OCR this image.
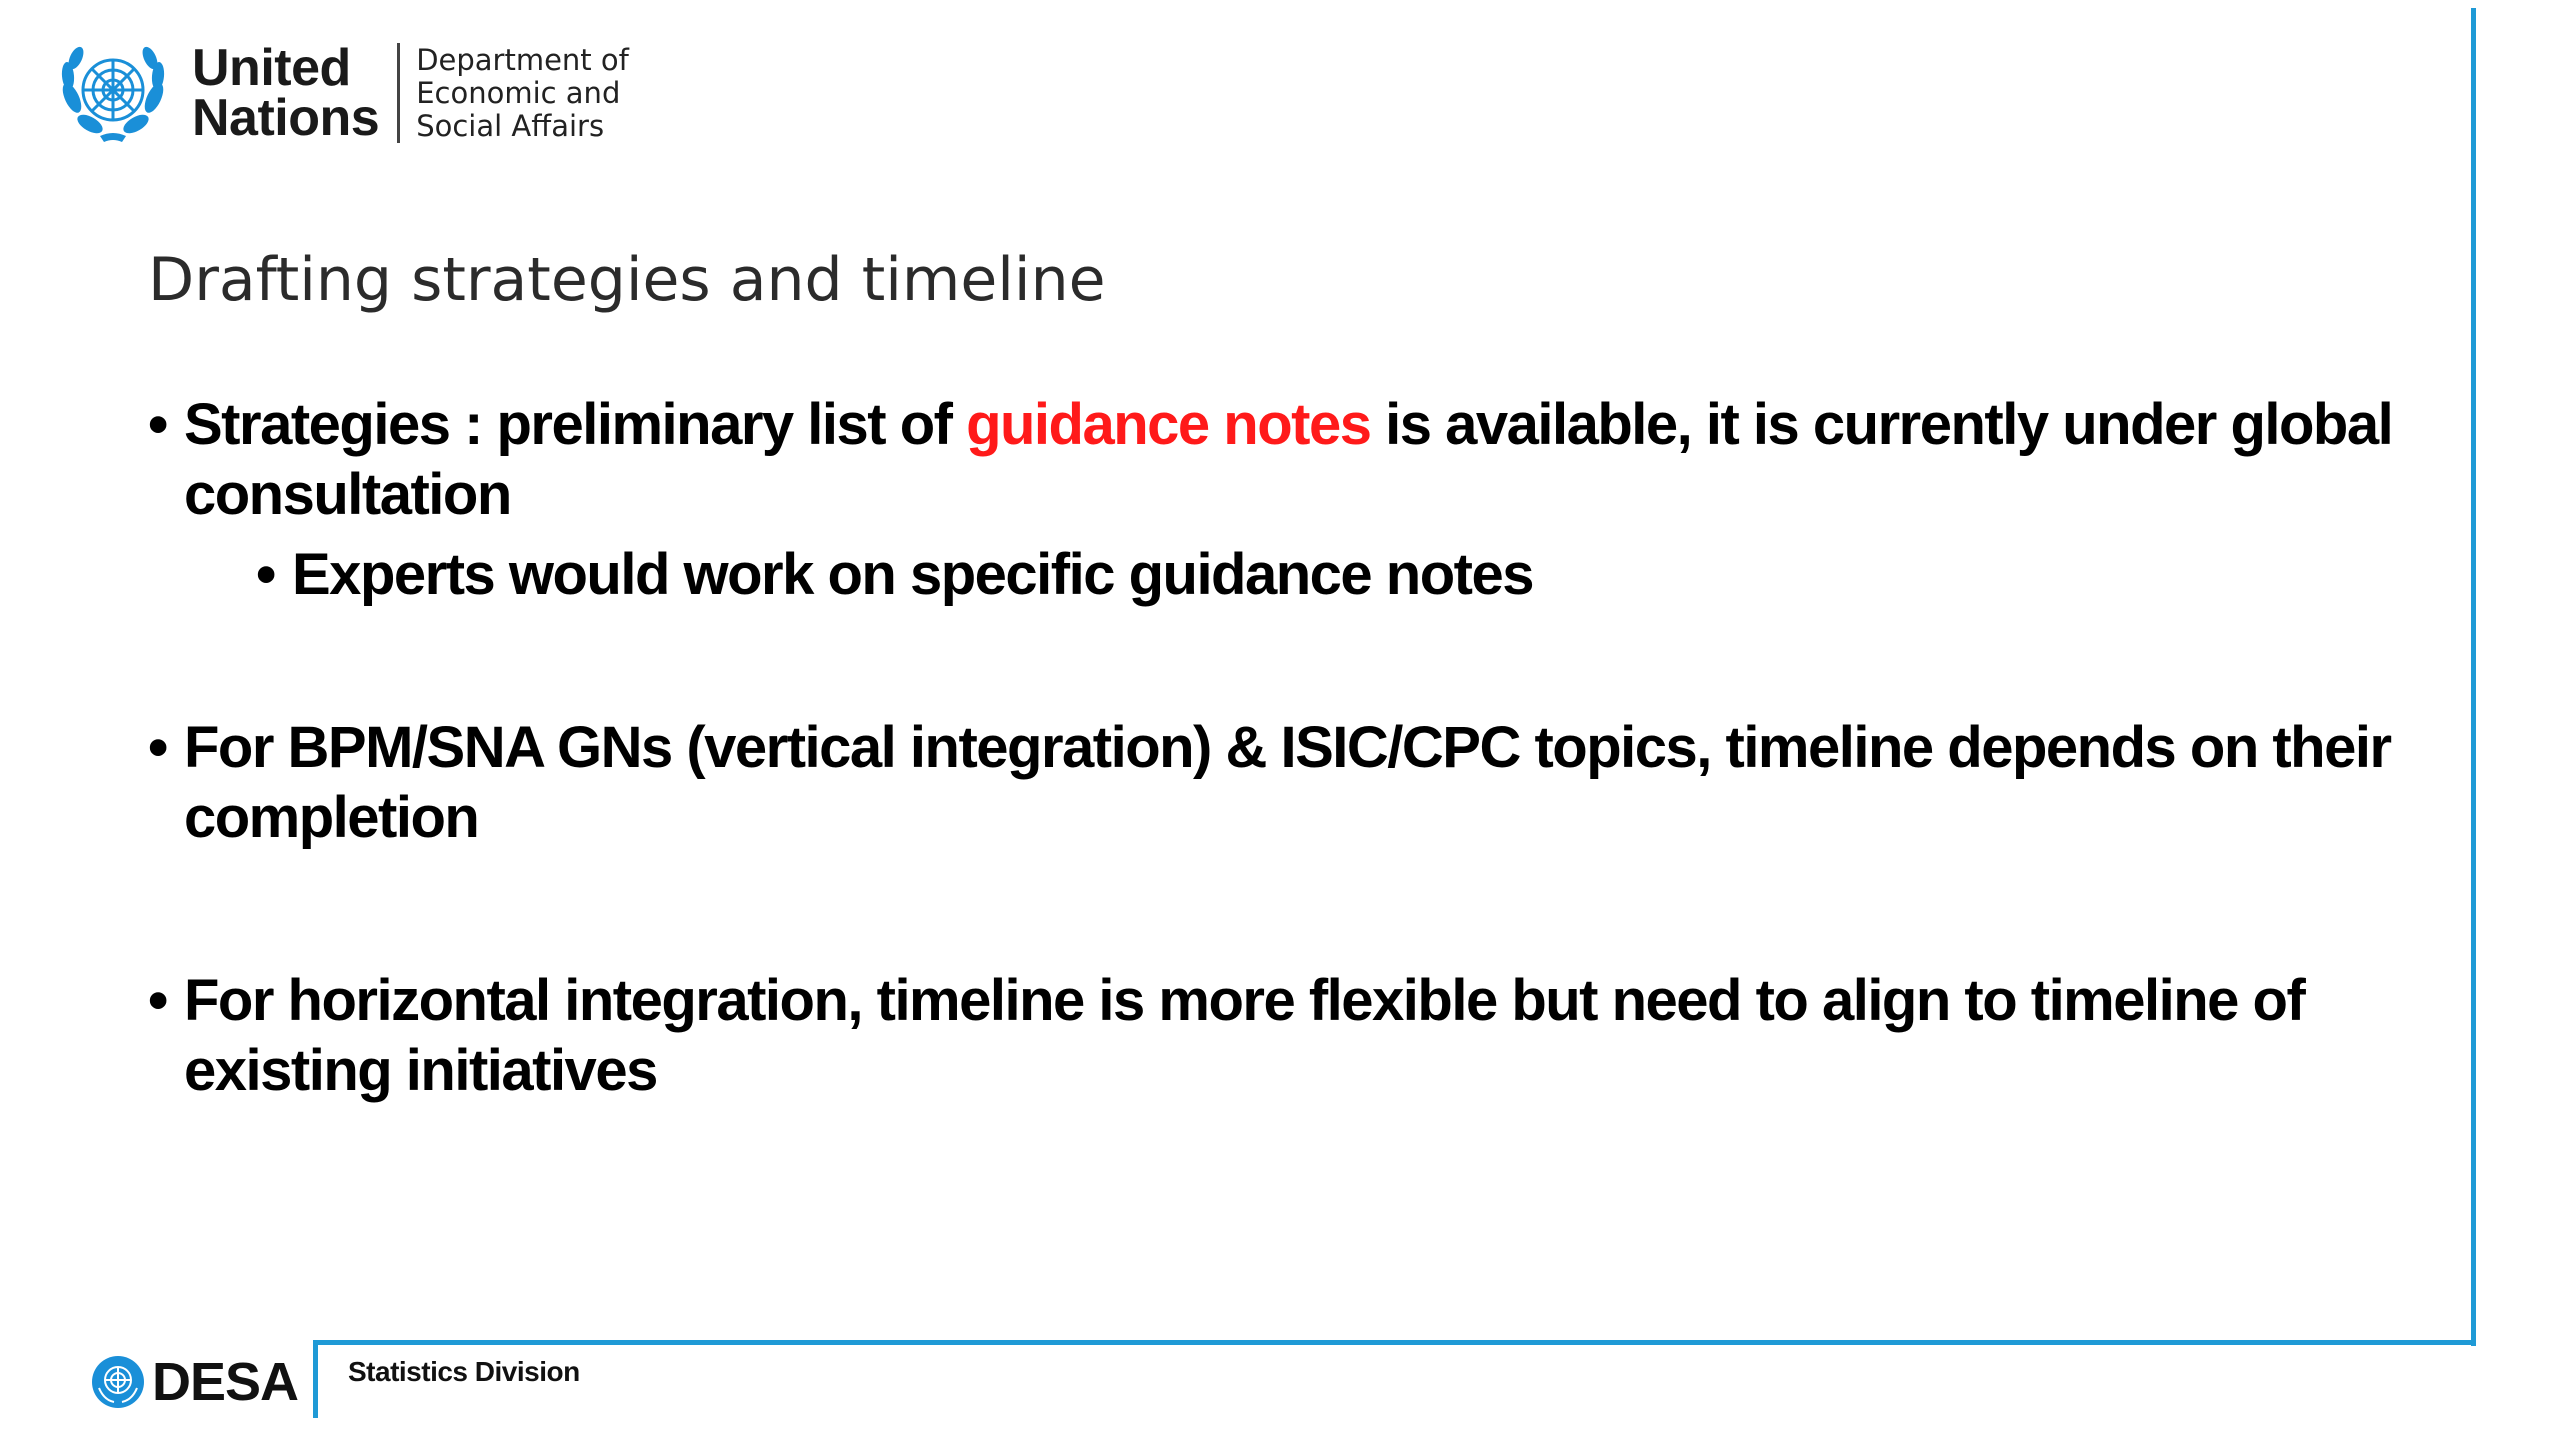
United
Nations
Department of
Economic and
Social Affairs
Drafting strategies and timeline
• Strategies : preliminary list of guidance notes is available, it is currently under global consultation
• Experts would work on specific guidance notes
• For BPM/SNA GNs (vertical integration) & ISIC/CPC topics, timeline depends on their completion
• For horizontal integration, timeline is more flexible but need to align to timeline of existing initiatives
DESA Statistics Division
